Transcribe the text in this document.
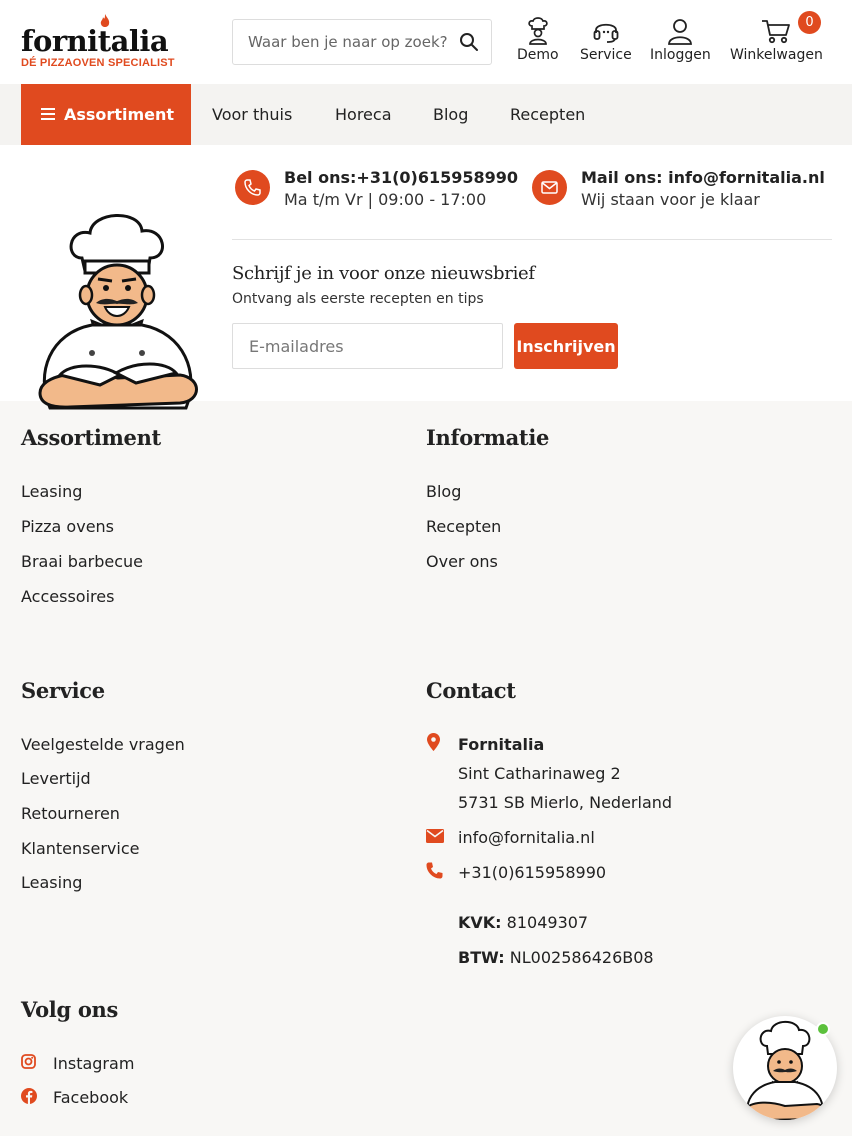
fornitalia
DÉ PIZZAOVEN SPECIALIST
Waar ben je naar op zoek?	Demo Service Inloggen Winkelwagen
0
Assortiment	Voor thuis	Horeca	Blog	Recepten
Bel ons:+31(0)615958990
Ma t/m Vr | 09:00 - 17:00
Mail ons: info@fornitalia.nl
Wij staan voor je klaar
Schrijf je in voor onze nieuwsbrief
Ontvang als eerste recepten en tips
E-mailadres
Inschrijven
Assortiment
Leasing
Pizza ovens
Braai barbecue
Accessoires
Informatie
Blog
Recepten
Over ons
Service
Veelgestelde vragen
Levertijd
Retourneren
Klantenservice
Leasing
Contact
Fornitalia
Sint Catharinaweg 2
5731 SB Mierlo, Nederland
info@fornitalia.nl
+31(0)615958990
KVK: 81049307
BTW: NL002586426B08
Volg ons
Instagram
Facebook
